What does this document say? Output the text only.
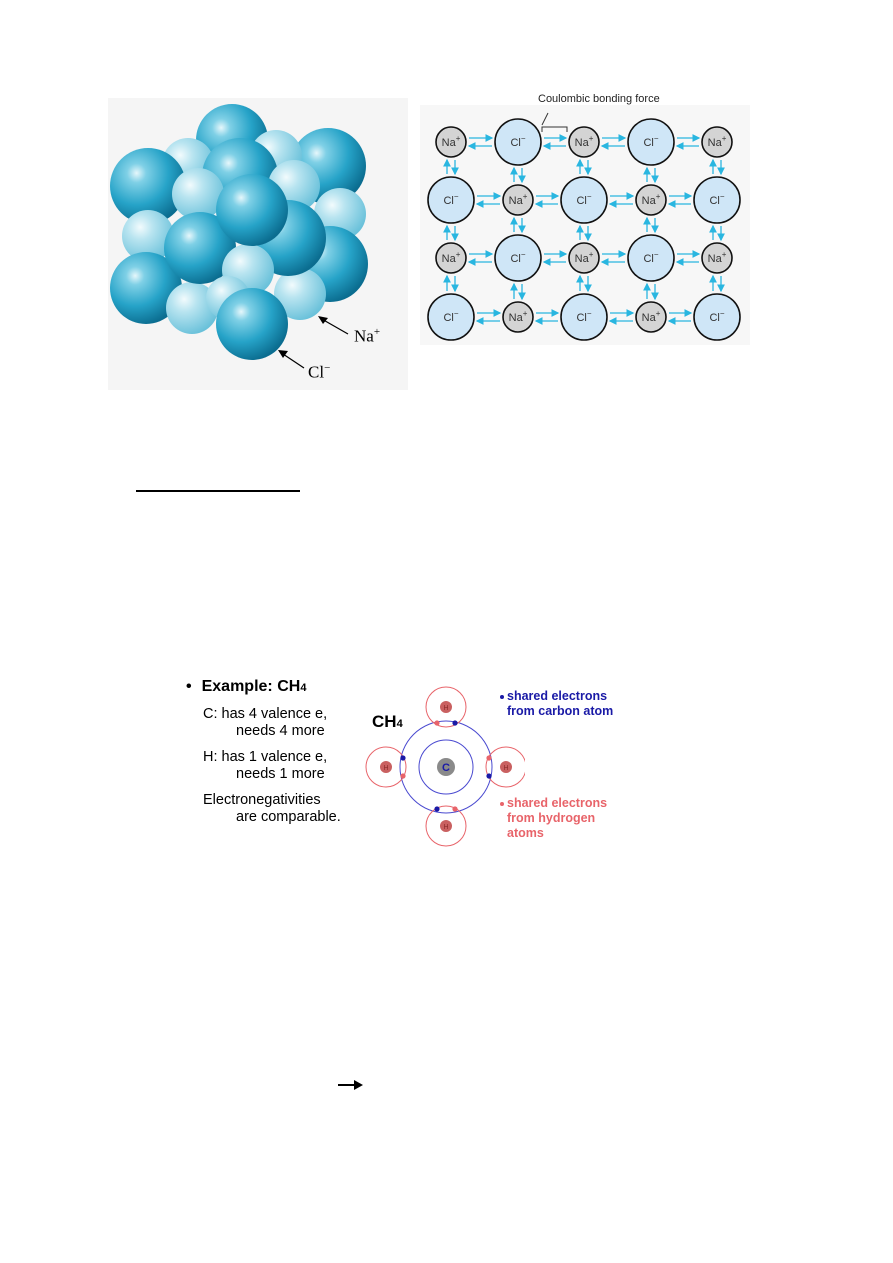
Na+
Cl−
Coulombic bonding force
Na+	Cl−	Na+	Cl−	Na+
Cl−	Na+	Cl−	Na+	Cl−
Na+	Cl−	Na+	Cl−	Na+
Cl−	Na+	Cl−	Na+	Cl−
• Example: CH4
C: has 4 valence e,
needs 4 more
H: has 1 valence e,
needs 1 more
Electronegativities
are comparable.
CH4
C
H
H
H	H
shared electrons
from carbon atom
shared electrons
from hydrogen
atoms
